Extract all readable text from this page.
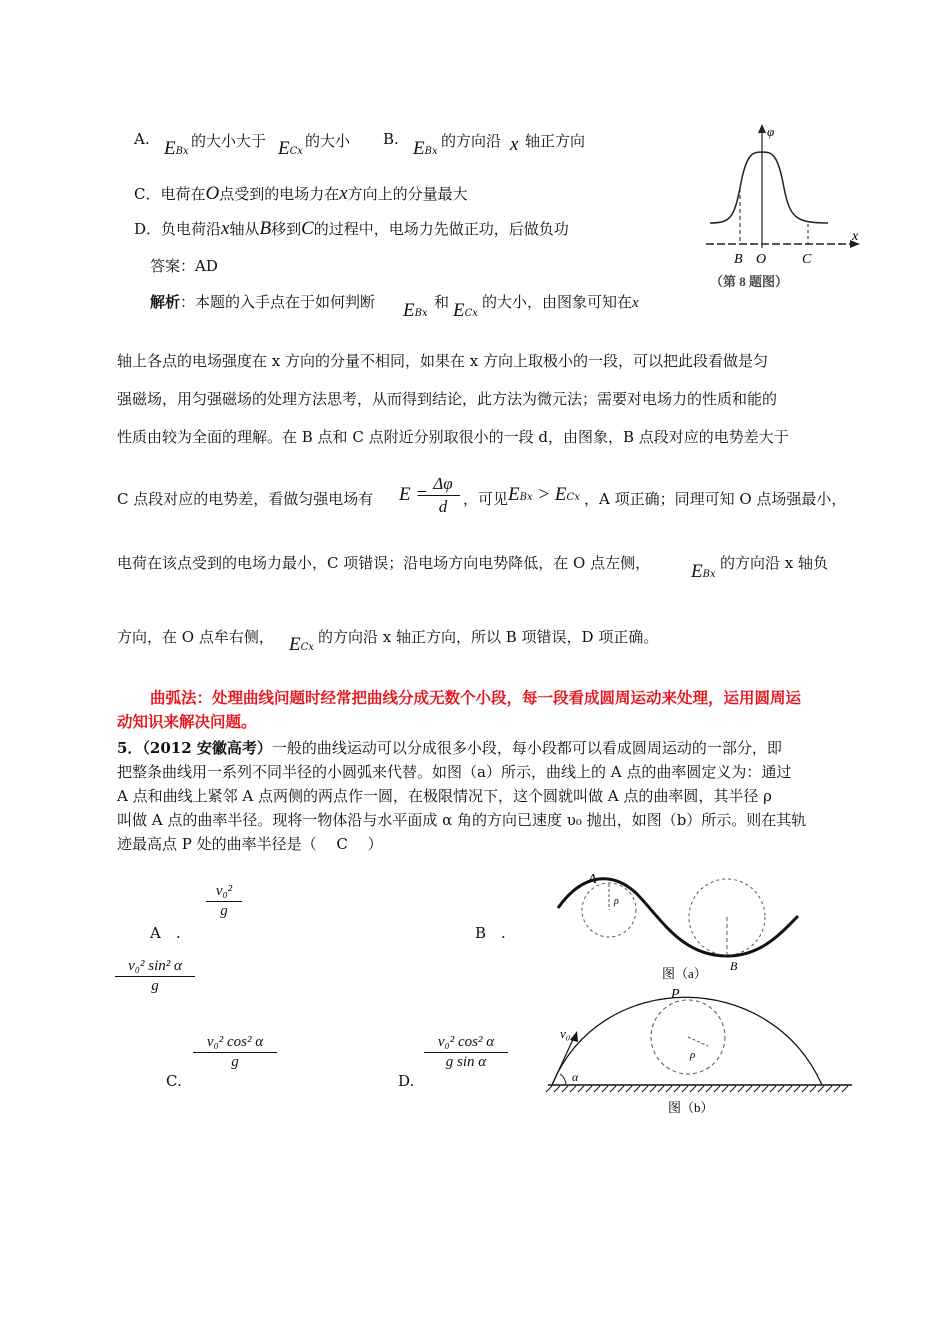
A. EBx
的大小大于 ECx
的大小 B. EBx
的方向沿 x 轴正方向
C．电荷在O点受到的电场力在x方向上的分量最大
D．负电荷沿x轴从B移到C的过程中，电场力先做正功，后做负功
答案：AD
解析：本题的入手点在于如何判断 EBx
和 ECx
的大小，由图象可知在x
轴上各点的电场强度在 x 方向的分量不相同，如果在 x 方向上取极小的一段，可以把此段看做是匀
强磁场，用匀强磁场的处理方法思考，从而得到结论，此方法为微元法；需要对电场力的性质和能的
性质由较为全面的理解。在 B 点和 C 点附近分别取很小的一段 d，由图象，B 点段对应的电势差大于
C 点段对应的电势差，看做匀强电场有 E =
$\frac{\Delta\varphi}{d}$ ，可见 EBx > ECx ，A 项正确；同理可知 O 点场强最小，
电荷在该点受到的电场力最小，C 项错误；沿电场方向电势降低，在 O 点左侧， EBx
的方向沿 x 轴负
方向，在 O 点牟右侧， ECx
的方向沿 x 轴正方向，所以 B 项错误，D 项正确。
φ
x
B O	C
（第 8 题图）
曲弧法：处理曲线问题时经常把曲线分成无数个小段，每一段看成圆周运动来处理，运用圆周运
动知识来解决问题。
5．（2012 安徽高考）一般的曲线运动可以分成很多小段，每小段都可以看成圆周运动的一部分，即
把整条曲线用一系列不同半径的小圆弧来代替。如图（a）所示，曲线上的 A 点的曲率圆定义为：通过
A 点和曲线上紧邻 A 点两侧的两点作一圆，在极限情况下，这个圆就叫做 A 点的曲率圆，其半径 ρ
叫做 A 点的曲率半径。现将一物体沿与水平面成 α 角的方向已速度 υ₀ 抛出，如图（b）所示。则在其轨
迹最高点 P 处的曲率半径是（　 C　 ）
A　.
$\frac{\text{v₀²}}{g}$
B　.
$\frac{\text{v₀² sin² α}}{g}$
C.
$\frac{\text{v₀² cos² α}}{g}$
D.
$\frac{\text{v₀² cos² α}}{\text{g sin α}}$
A
ρ
B
图（a）
P
v₀
α
ρ
图（b）
